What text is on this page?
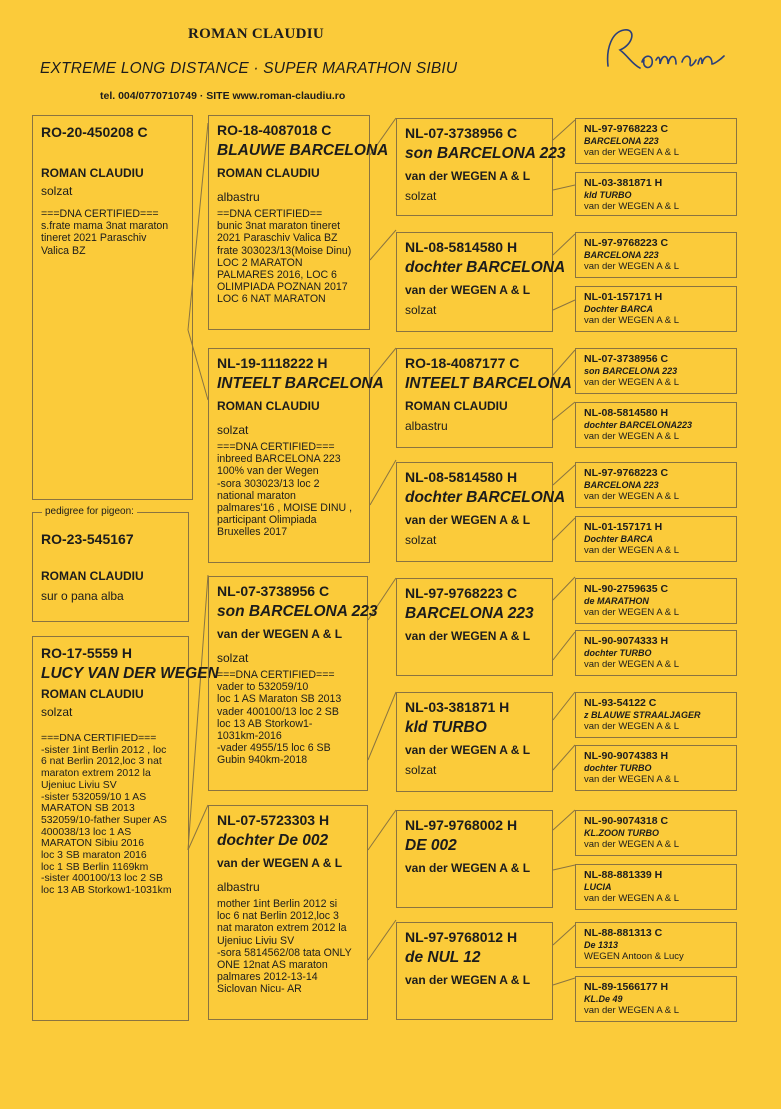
ROMAN CLAUDIU
EXTREME LONG DISTANCE · SUPER MARATHON SIBIU
tel. 004/0770710749 · SITE www.roman-claudiu.ro
RO-20-450208 C
ROMAN CLAUDIU
solzat
===DNA CERTIFIED===
s.frate mama 3nat maraton
tineret 2021 Paraschiv
Valica BZ
RO-23-545167
ROMAN CLAUDIU
sur o pana alba
pedigree for pigeon:
RO-17-5559 H
LUCY VAN DER WEGEN
ROMAN CLAUDIU
solzat
===DNA CERTIFIED===
-sister 1int Berlin 2012 , loc
6 nat Berlin 2012,loc 3 nat
maraton extrem 2012 la
Ujeniuc Liviu SV
-sister 532059/10 1 AS
MARATON SB 2013
532059/10-father Super AS
400038/13 loc 1 AS
MARATON Sibiu 2016
loc 3 SB maraton 2016
loc 1 SB Berlin 1169km
-sister 400100/13 loc 2 SB
loc 13 AB Storkow1-1031km
RO-18-4087018 C
BLAUWE BARCELONA
ROMAN CLAUDIU
albastru
==DNA CERTIFIED==
bunic 3nat maraton tineret
2021 Paraschiv Valica BZ
frate 303023/13(Moise Dinu)
LOC 2 MARATON
PALMARES 2016, LOC 6
OLIMPIADA POZNAN 2017
LOC 6 NAT MARATON
NL-19-1118222 H
INTEELT BARCELONA
ROMAN CLAUDIU
solzat
===DNA CERTIFIED===
inbreed BARCELONA 223
100% van der Wegen
-sora 303023/13 loc 2
national maraton
palmares'16 , MOISE DINU ,
participant Olimpiada
Bruxelles 2017
NL-07-3738956 C
son BARCELONA 223
van der WEGEN A & L
solzat
===DNA CERTIFIED===
vader to 532059/10
loc 1 AS Maraton SB 2013
vader 400100/13 loc 2 SB
loc 13 AB Storkow1-
1031km-2016
-vader 4955/15 loc 6 SB
Gubin 940km-2018
NL-07-5723303 H
dochter De 002
van der WEGEN A & L
albastru
mother 1int Berlin 2012 si
loc 6 nat Berlin 2012,loc 3
nat maraton extrem 2012 la
Ujeniuc Liviu SV
-sora 5814562/08 tata ONLY
ONE 12nat AS maraton
palmares 2012-13-14
Siclovan Nicu- AR
NL-07-3738956 C
son BARCELONA 223
van der WEGEN A & L
solzat
NL-08-5814580 H
dochter BARCELONA
van der WEGEN A & L
solzat
RO-18-4087177 C
INTEELT BARCELONA
ROMAN CLAUDIU
albastru
NL-08-5814580 H
dochter BARCELONA
van der WEGEN A & L
solzat
NL-97-9768223 C
BARCELONA 223
van der WEGEN A & L
NL-03-381871 H
kld TURBO
van der WEGEN A & L
solzat
NL-97-9768002 H
DE 002
van der WEGEN A & L
NL-97-9768012 H
de NUL 12
van der WEGEN A & L
NL-97-9768223 C
BARCELONA 223
van der WEGEN A & L
NL-03-381871 H
kld TURBO
van der WEGEN A & L
NL-97-9768223 C
BARCELONA 223
van der WEGEN A & L
NL-01-157171 H
Dochter BARCA
van der WEGEN A & L
NL-07-3738956 C
son BARCELONA 223
van der WEGEN A & L
NL-08-5814580 H
dochter BARCELONA223
van der WEGEN A & L
NL-97-9768223 C
BARCELONA 223
van der WEGEN A & L
NL-01-157171 H
Dochter BARCA
van der WEGEN A & L
NL-90-2759635 C
de MARATHON
van der WEGEN A & L
NL-90-9074333 H
dochter TURBO
van der WEGEN A & L
NL-93-54122 C
z BLAUWE STRAALJAGER
van der WEGEN A & L
NL-90-9074383 H
dochter TURBO
van der WEGEN A & L
NL-90-9074318 C
KL.ZOON TURBO
van der WEGEN A & L
NL-88-881339 H
LUCIA
van der WEGEN A & L
NL-88-881313 C
De 1313
WEGEN Antoon & Lucy
NL-89-1566177 H
KL.De 49
van der WEGEN A & L
